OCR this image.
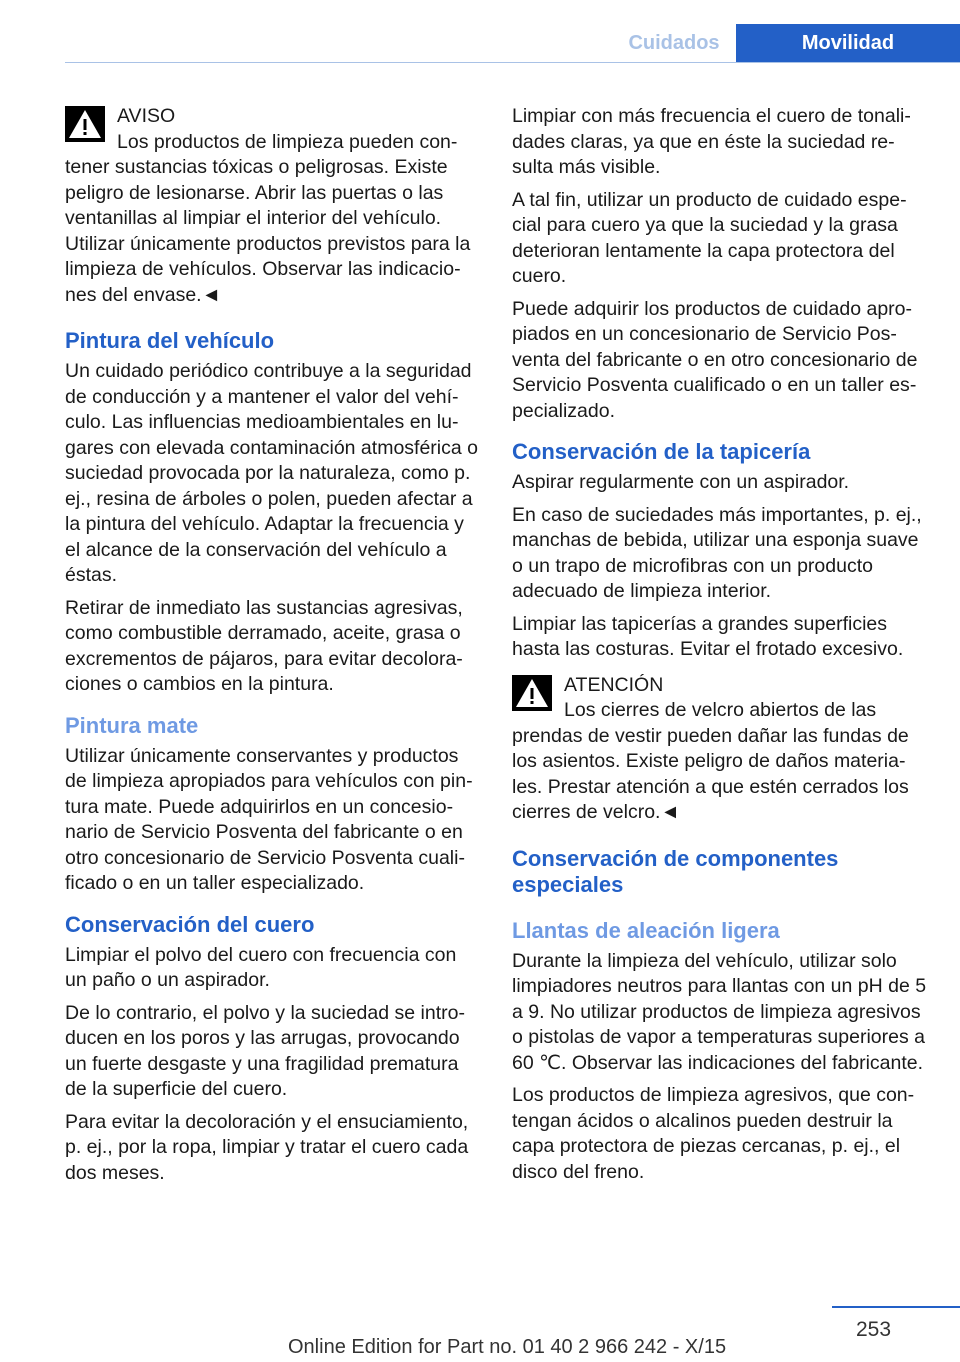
Cuidados	Movilidad
AVISO
Los productos de limpieza pueden contener sustancias tóxicas o peligrosas. Existe peligro de lesionarse. Abrir las puertas o las ventanillas al limpiar el interior del vehículo. Utilizar únicamente productos previstos para la limpieza de vehículos. Observar las indicaciones del envase.◄
Pintura del vehículo

Un cuidado periódico contribuye a la seguridad de conducción y a mantener el valor del vehículo. Las influencias medioambientales en lugares con elevada contaminación atmosférica o suciedad provocada por la naturaleza, como p. ej., resina de árboles o polen, pueden afectar a la pintura del vehículo. Adaptar la frecuencia y el alcance de la conservación del vehículo a éstas.

Retirar de inmediato las sustancias agresivas, como combustible derramado, aceite, grasa o excrementos de pájaros, para evitar decoloraciones o cambios en la pintura.

Pintura mate

Utilizar únicamente conservantes y productos de limpieza apropiados para vehículos con pintura mate. Puede adquirirlos en un concesionario de Servicio Posventa del fabricante o en otro concesionario de Servicio Posventa cualificado o en un taller especializado.

Conservación del cuero

Limpiar el polvo del cuero con frecuencia con un paño o un aspirador.

De lo contrario, el polvo y la suciedad se introducen en los poros y las arrugas, provocando un fuerte desgaste y una fragilidad prematura de la superficie del cuero.

Para evitar la decoloración y el ensuciamiento, p. ej., por la ropa, limpiar y tratar el cuero cada dos meses.

Limpiar con más frecuencia el cuero de tonalidades claras, ya que en éste la suciedad resulta más visible.

A tal fin, utilizar un producto de cuidado especial para cuero ya que la suciedad y la grasa deterioran lentamente la capa protectora del cuero.

Puede adquirir los productos de cuidado apropiados en un concesionario de Servicio Posventa del fabricante o en otro concesionario de Servicio Posventa cualificado o en un taller especializado.

Conservación de la tapicería

Aspirar regularmente con un aspirador.

En caso de suciedades más importantes, p. ej., manchas de bebida, utilizar una esponja suave o un trapo de microfibras con un producto adecuado de limpieza interior.

Limpiar las tapicerías a grandes superficies hasta las costuras. Evitar el frotado excesivo.

ATENCIÓN
Los cierres de velcro abiertos de las prendas de vestir pueden dañar las fundas de los asientos. Existe peligro de daños materiales. Prestar atención a que estén cerrados los cierres de velcro.◄
Conservación de componentes especiales
Llantas de aleación ligera

Durante la limpieza del vehículo, utilizar solo limpiadores neutros para llantas con un pH de 5 a 9. No utilizar productos de limpieza agresivos o pistolas de vapor a temperaturas superiores a 60 ℃. Observar las indicaciones del fabricante.

Los productos de limpieza agresivos, que contengan ácidos o alcalinos pueden destruir la capa protectora de piezas cercanas, p. ej., el disco del freno.

253
Online Edition for Part no. 01 40 2 966 242 - X/15
